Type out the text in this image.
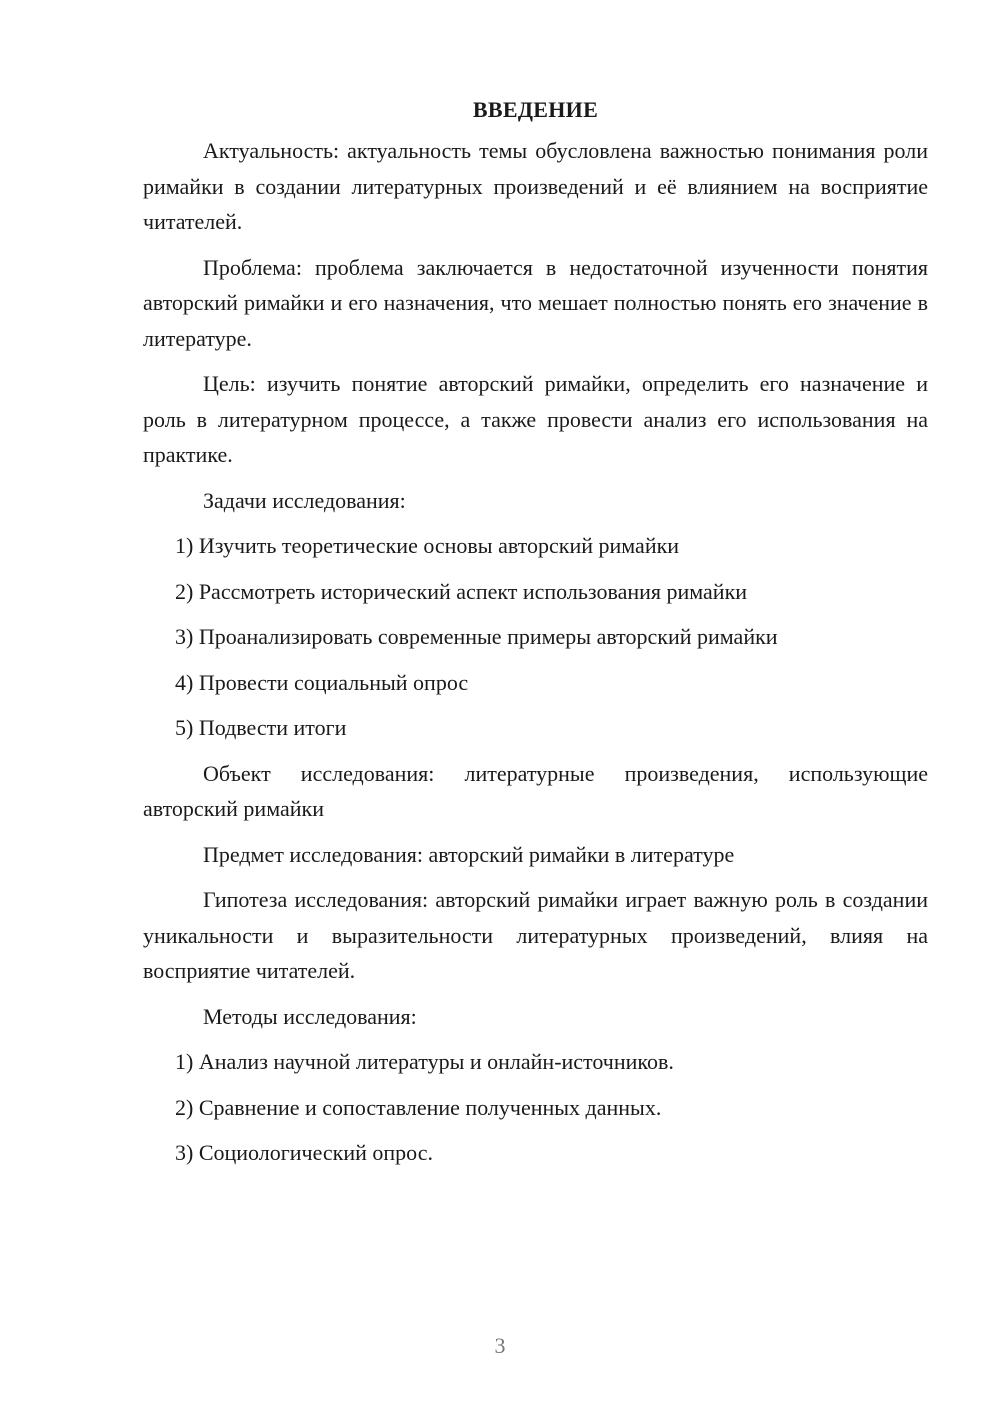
ВВЕДЕНИЕ

Актуальность: актуальность темы обусловлена важностью понимания роли римайки в создании литературных произведений и её влиянием на восприятие читателей.

Проблема: проблема заключается в недостаточной изученности понятия авторский римайки и его назначения, что мешает полностью понять его значение в литературе.

Цель: изучить понятие авторский римайки, определить его назначение и роль в литературном процессе, а также провести анализ его использования на практике.

Задачи исследования:
1) Изучить теоретические основы авторский римайки
2) Рассмотреть исторический аспект использования римайки
3) Проанализировать современные примеры авторский римайки
4) Провести социальный опрос
5) Подвести итоги

Объект исследования: литературные произведения, использующие авторский римайки

Предмет исследования: авторский римайки в литературе

Гипотеза исследования: авторский римайки играет важную роль в создании уникальности и выразительности литературных произведений, влияя на восприятие читателей.

Методы исследования:
1) Анализ научной литературы и онлайн-источников.
2) Сравнение и сопоставление полученных данных.
3) Социологический опрос.
3
